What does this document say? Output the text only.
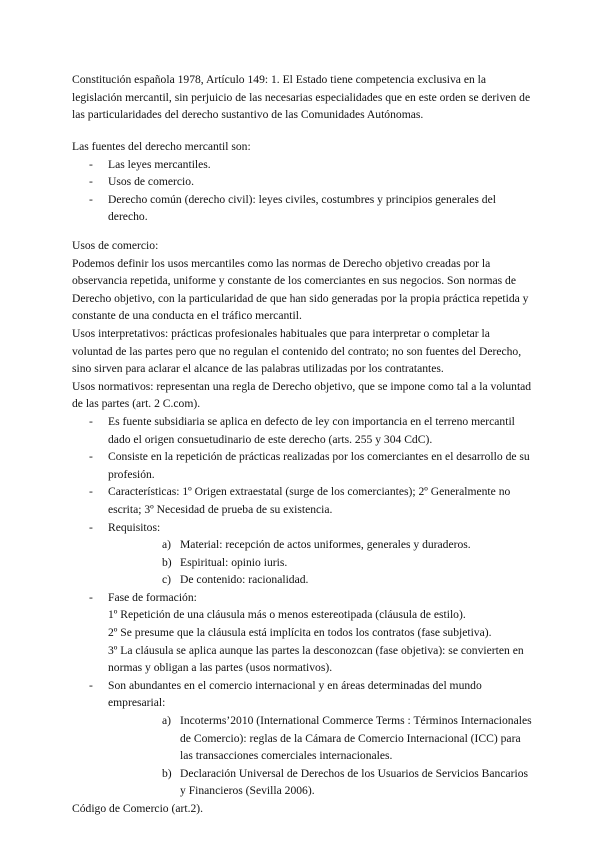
Constitución española 1978, Artículo 149: 1. El Estado tiene competencia exclusiva en la legislación mercantil, sin perjuicio de las necesarias especialidades que en este orden se deriven de las particularidades del derecho sustantivo de las Comunidades Autónomas.

Las fuentes del derecho mercantil son:

- Las leyes mercantiles.
- Usos de comercio.
- Derecho común (derecho civil): leyes civiles, costumbres y principios generales del derecho.

Usos de comercio:

Podemos definir los usos mercantiles como las normas de Derecho objetivo creadas por la observancia repetida, uniforme y constante de los comerciantes en sus negocios. Son normas de Derecho objetivo, con la particularidad de que han sido generadas por la propia práctica repetida y constante de una conducta en el tráfico mercantil.

Usos interpretativos: prácticas profesionales habituales que para interpretar o completar la voluntad de las partes pero que no regulan el contenido del contrato; no son fuentes del Derecho, sino sirven para aclarar el alcance de las palabras utilizadas por los contratantes.

Usos normativos: representan una regla de Derecho objetivo, que se impone como tal a la voluntad de las partes (art. 2 C.com).

- Es fuente subsidiaria se aplica en defecto de ley con importancia en el terreno mercantil dado el origen consuetudinario de este derecho (arts. 255 y 304 CdC).
- Consiste en la repetición de prácticas realizadas por los comerciantes en el desarrollo de su profesión.
- Características: 1º Origen extraestatal (surge de los comerciantes); 2º Generalmente no escrita; 3º Necesidad de prueba de su existencia.
- Requisitos:
a) Material: recepción de actos uniformes, generales y duraderos.
b) Espiritual: opinio iuris.
c) De contenido: racionalidad.
- Fase de formación:
1º Repetición de una cláusula más o menos estereotipada (cláusula de estilo).
2º Se presume que la cláusula está implícita en todos los contratos (fase subjetiva).
3º La cláusula se aplica aunque las partes la desconozcan (fase objetiva): se convierten en normas y obligan a las partes (usos normativos).
- Son abundantes en el comercio internacional y en áreas determinadas del mundo empresarial:
a) Incoterms’2010 (International Commerce Terms : Términos Internacionales de Comercio): reglas de la Cámara de Comercio Internacional (ICC) para las transacciones comerciales internacionales.
b) Declaración Universal de Derechos de los Usuarios de Servicios Bancarios y Financieros (Sevilla 2006).

Código de Comercio (art.2).
